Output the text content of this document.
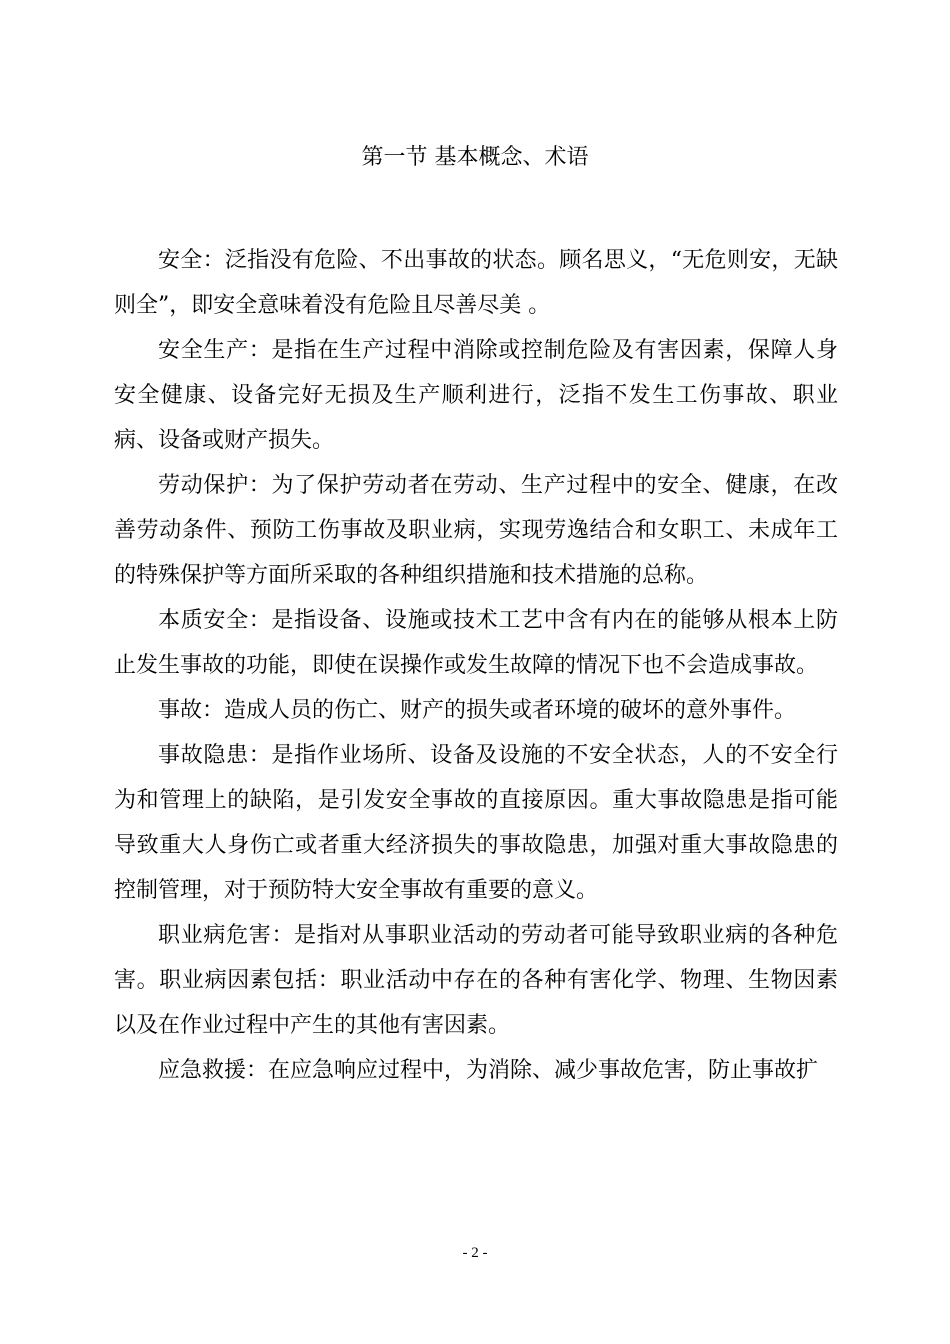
第一节 基本概念、术语

安全：泛指没有危险、不出事故的状态。顾名思义，“无危则安，无缺则全”，即安全意味着没有危险且尽善尽美 。

安全生产：是指在生产过程中消除或控制危险及有害因素，保障人身安全健康、设备完好无损及生产顺利进行，泛指不发生工伤事故、职业病、设备或财产损失。

劳动保护：为了保护劳动者在劳动、生产过程中的安全、健康，在改善劳动条件、预防工伤事故及职业病，实现劳逸结合和女职工、未成年工的特殊保护等方面所采取的各种组织措施和技术措施的总称。

本质安全：是指设备、设施或技术工艺中含有内在的能够从根本上防止发生事故的功能，即使在误操作或发生故障的情况下也不会造成事故。

事故：造成人员的伤亡、财产的损失或者环境的破坏的意外事件。

事故隐患：是指作业场所、设备及设施的不安全状态，人的不安全行为和管理上的缺陷，是引发安全事故的直接原因。重大事故隐患是指可能导致重大人身伤亡或者重大经济损失的事故隐患，加强对重大事故隐患的控制管理，对于预防特大安全事故有重要的意义。

职业病危害：是指对从事职业活动的劳动者可能导致职业病的各种危害。职业病因素包括：职业活动中存在的各种有害化学、物理、生物因素以及在作业过程中产生的其他有害因素。

应急救援：在应急响应过程中，为消除、减少事故危害，防止事故扩

- 2 -
